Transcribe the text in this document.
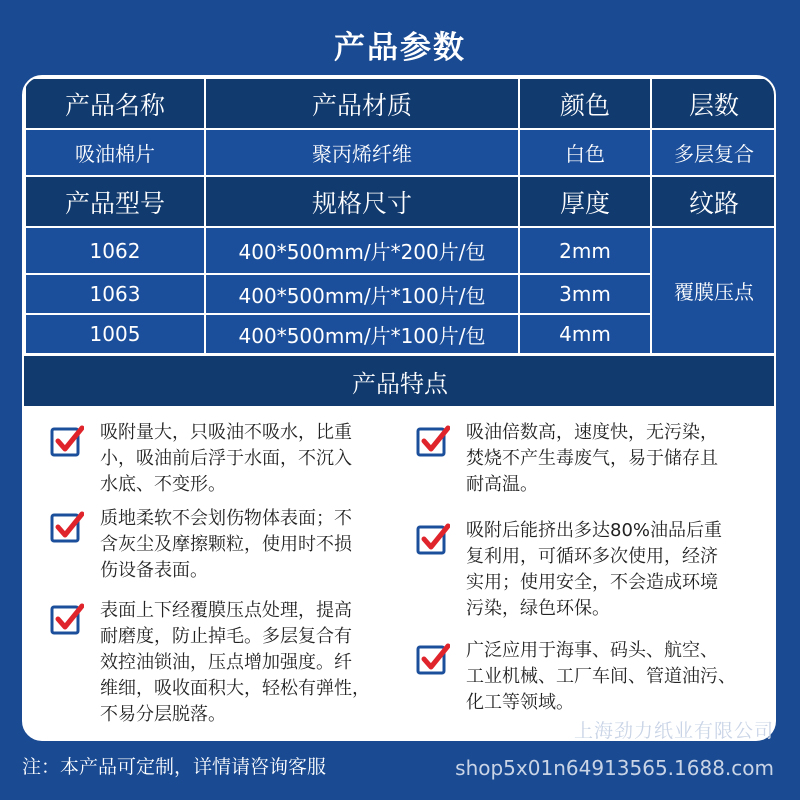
产品参数
产品名称	产品材质	颜色	层数
吸油棉片	聚丙烯纤维	白色	多层复合
产品型号	规格尺寸	厚度	纹路
1062	400*500mm/片*200片/包	2mm	覆膜压点
1063	400*500mm/片*100片/包	3mm	
1005	400*500mm/片*100片/包	4mm	
产品特点
吸附量大，只吸油不吸水，比重
小，吸油前后浮于水面，不沉入
水底、不变形。
质地柔软不会划伤物体表面；不
含灰尘及摩擦颗粒，使用时不损
伤设备表面。
表面上下经覆膜压点处理，提高
耐磨度，防止掉毛。多层复合有
效控油锁油，压点增加强度。纤
维细，吸收面积大，轻松有弹性，
不易分层脱落。
吸油倍数高，速度快，无污染，
焚烧不产生毒废气，易于储存且
耐高温。
吸附后能挤出多达80%油品后重
复利用，可循环多次使用，经济
实用；使用安全，不会造成环境
污染，绿色环保。
广泛应用于海事、码头、航空、
工业机械、工厂车间、管道油污、
化工等领域。
上海劲力纸业有限公司
注：本产品可定制，详情请咨询客服	shop5x01n64913565.1688.com
